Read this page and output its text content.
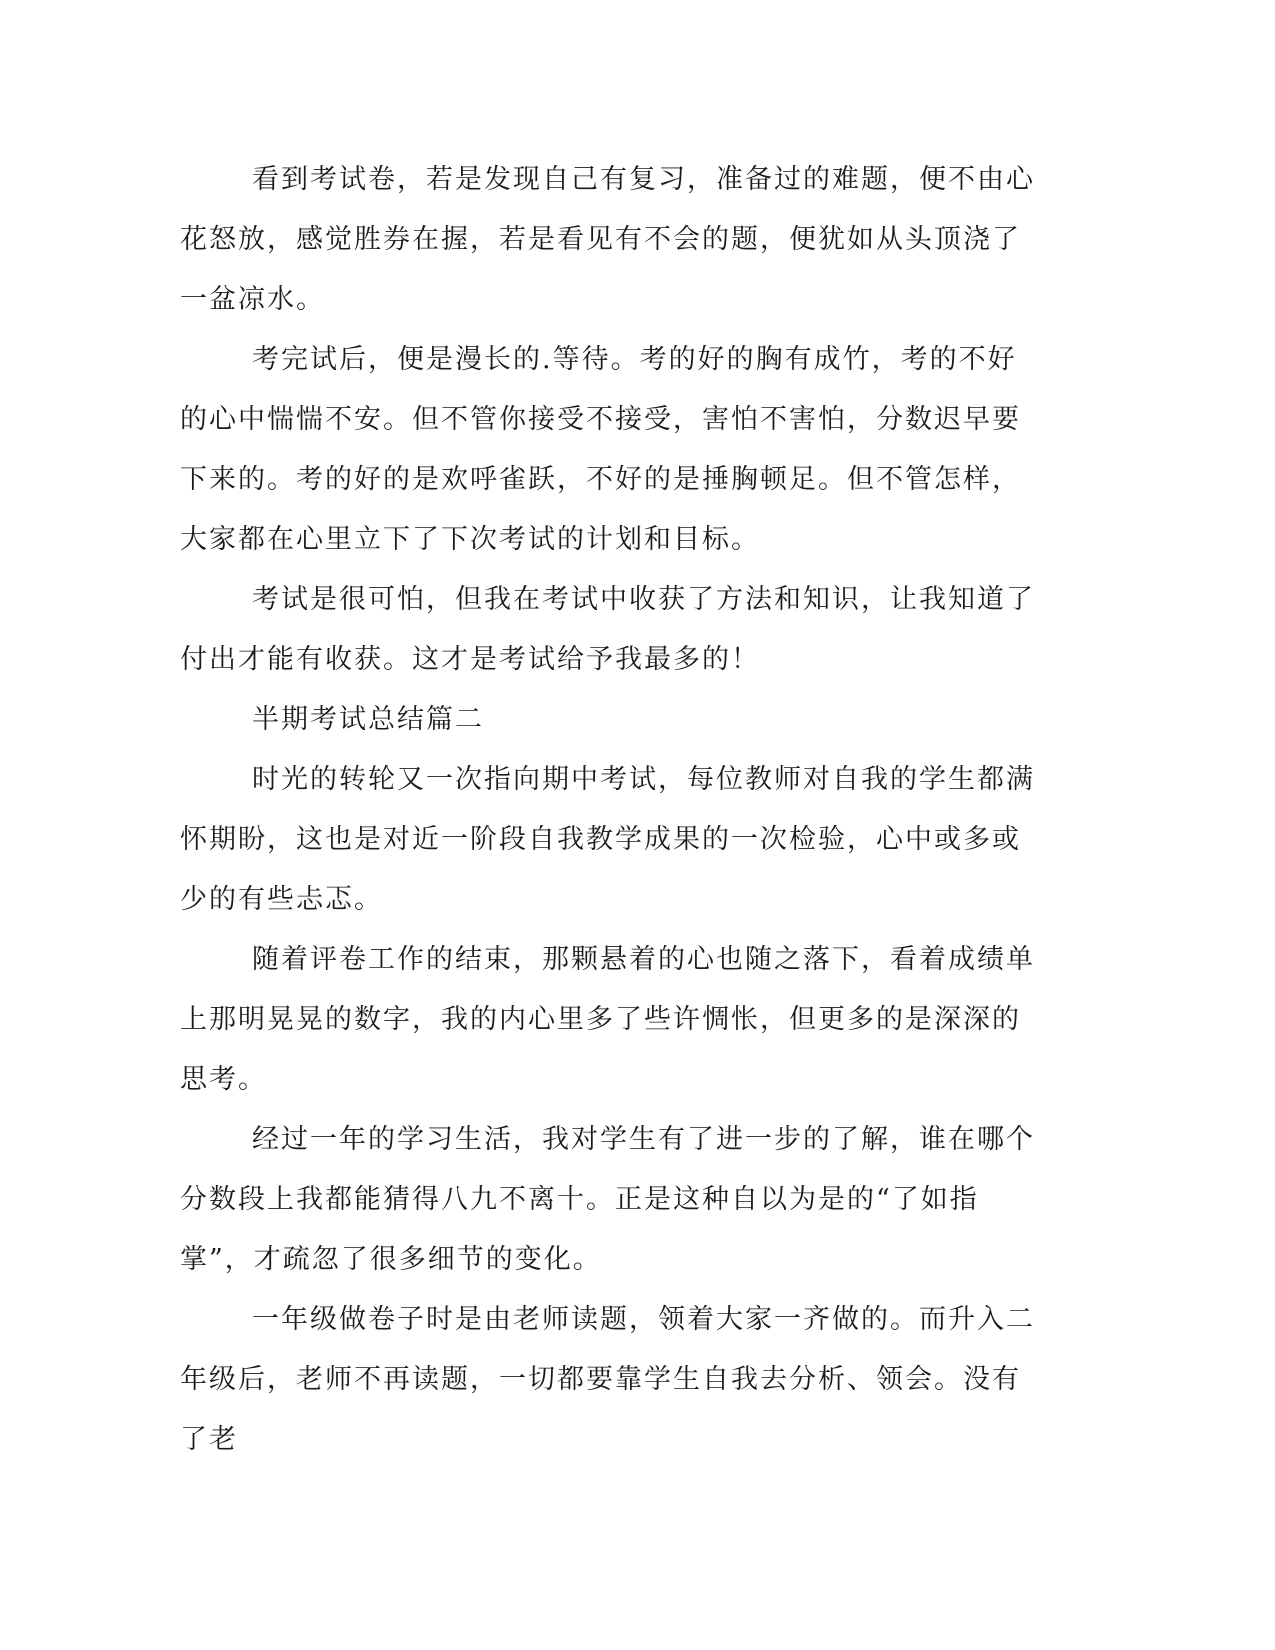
看到考试卷，若是发现自己有复习，准备过的难题，便不由心花怒放，感觉胜券在握，若是看见有不会的题，便犹如从头顶浇了一盆凉水。

考完试后，便是漫长的.等待。考的好的胸有成竹，考的不好的心中惴惴不安。但不管你接受不接受，害怕不害怕，分数迟早要下来的。考的好的是欢呼雀跃，不好的是捶胸顿足。但不管怎样，大家都在心里立下了下次考试的计划和目标。

考试是很可怕，但我在考试中收获了方法和知识，让我知道了付出才能有收获。这才是考试给予我最多的！

半期考试总结篇二

时光的转轮又一次指向期中考试，每位教师对自我的学生都满怀期盼，这也是对近一阶段自我教学成果的一次检验，心中或多或少的有些忐忑。

随着评卷工作的结束，那颗悬着的心也随之落下，看着成绩单上那明晃晃的数字，我的内心里多了些许惆怅，但更多的是深深的思考。

经过一年的学习生活，我对学生有了进一步的了解，谁在哪个分数段上我都能猜得八九不离十。正是这种自以为是的“了如指掌”，才疏忽了很多细节的变化。

一年级做卷子时是由老师读题，领着大家一齐做的。而升入二年级后，老师不再读题，一切都要靠学生自我去分析、领会。没有了老
